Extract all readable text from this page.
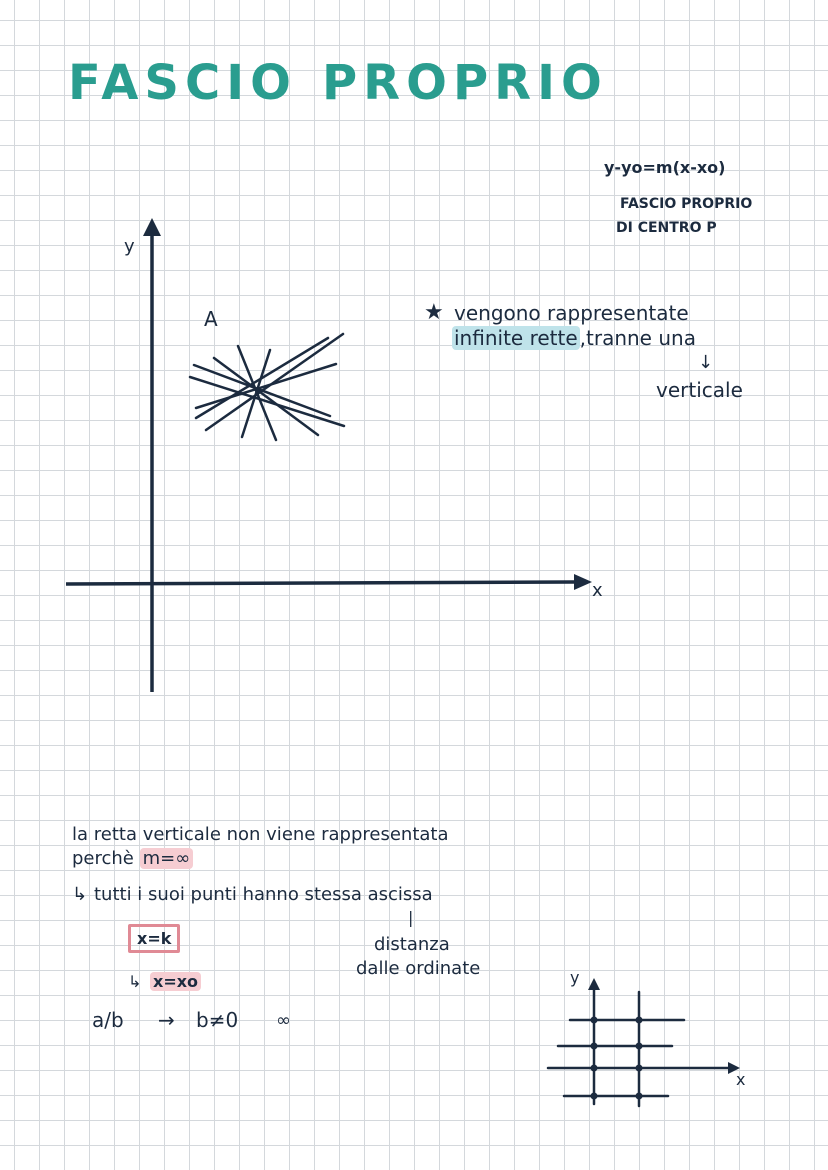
FASCIO PROPRIO
y-yo=m(x-xo)
FASCIO PROPRIO
DI CENTRO P
y
x
A	★ vengono rappresentate
infinite rette ,tranne una
↓
verticale
la retta verticale non viene rappresentata
perchè m=∞
↳ tutti i suoi punti hanno stessa ascissa
|
distanza
dalle ordinate
x=k
↳ x=xo
a/b → b≠0 ∞
y
x
